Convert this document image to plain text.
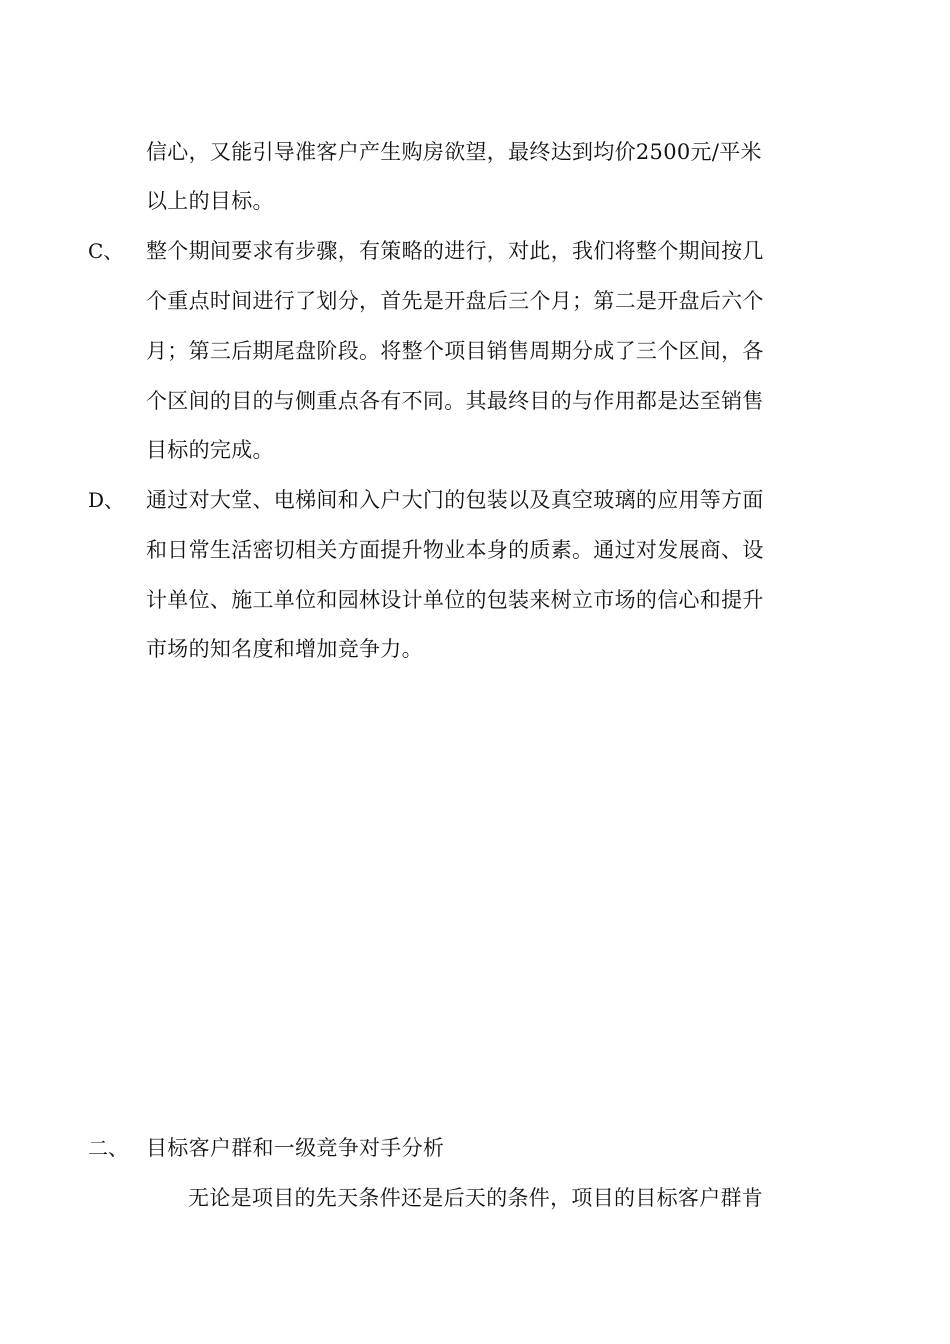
信心，又能引导准客户产生购房欲望，最终达到均价2500元/平米
以上的目标。
C、 整个期间要求有步骤，有策略的进行，对此，我们将整个期间按几
个重点时间进行了划分，首先是开盘后三个月；第二是开盘后六个
月；第三后期尾盘阶段。将整个项目销售周期分成了三个区间，各
个区间的目的与侧重点各有不同。其最终目的与作用都是达至销售
目标的完成。
D、 通过对大堂、电梯间和入户大门的包装以及真空玻璃的应用等方面
和日常生活密切相关方面提升物业本身的质素。通过对发展商、设
计单位、施工单位和园林设计单位的包装来树立市场的信心和提升
市场的知名度和增加竞争力。
二、 目标客户群和一级竞争对手分析
无论是项目的先天条件还是后天的条件，项目的目标客户群肯
